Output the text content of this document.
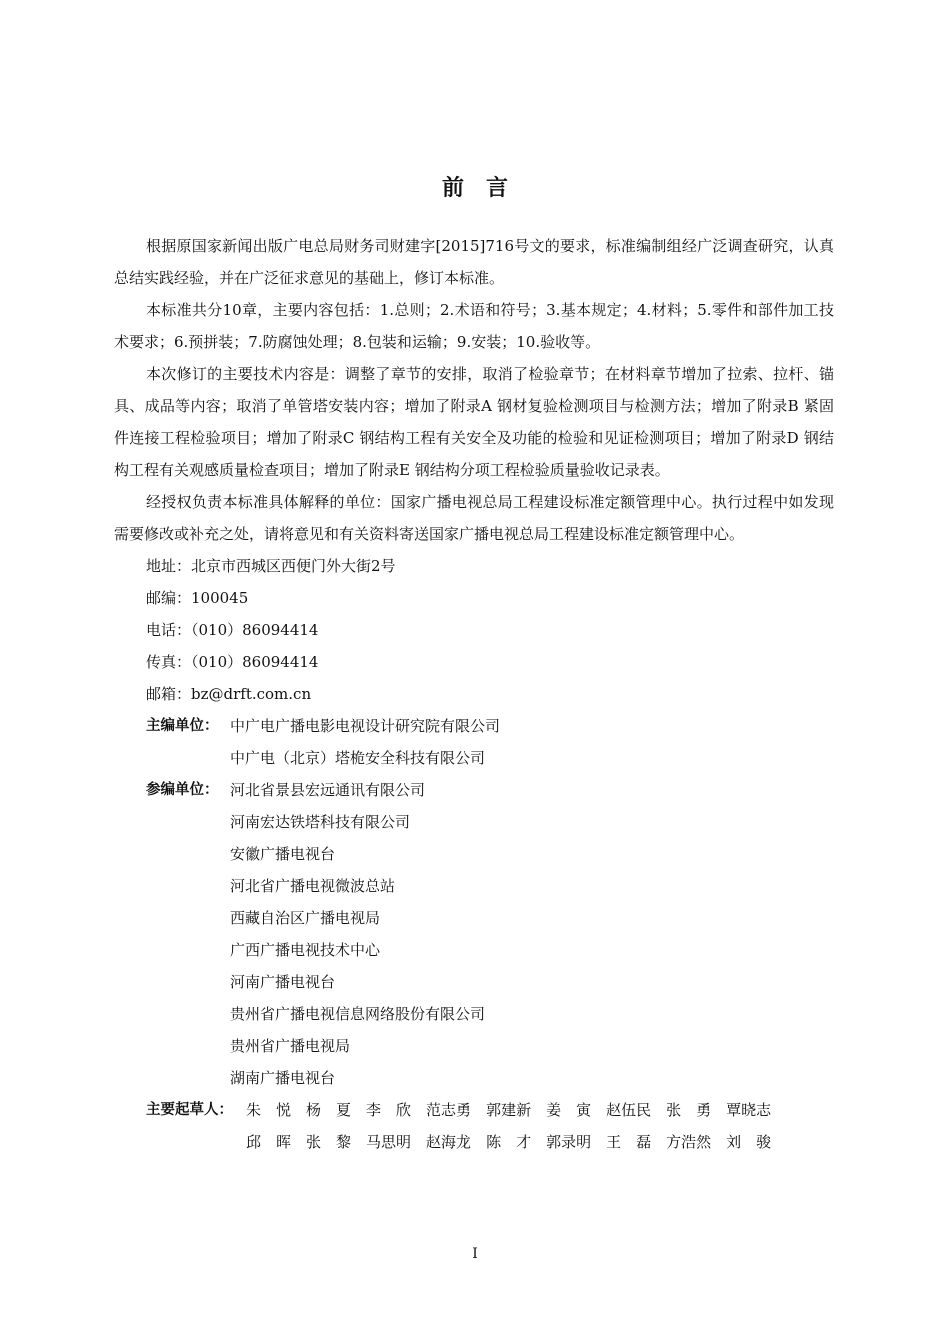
前　言

根据原国家新闻出版广电总局财务司财建字[2015]716号文的要求，标准编制组经广泛调查研究，认真总结实践经验，并在广泛征求意见的基础上，修订本标准。

本标准共分10章，主要内容包括：1.总则；2.术语和符号；3.基本规定；4.材料；5.零件和部件加工技术要求；6.预拼装；7.防腐蚀处理；8.包装和运输；9.安装；10.验收等。

本次修订的主要技术内容是：调整了章节的安排，取消了检验章节；在材料章节增加了拉索、拉杆、锚具、成品等内容；取消了单管塔安装内容；增加了附录A 钢材复验检测项目与检测方法；增加了附录B 紧固件连接工程检验项目；增加了附录C 钢结构工程有关安全及功能的检验和见证检测项目；增加了附录D 钢结构工程有关观感质量检查项目；增加了附录E 钢结构分项工程检验质量验收记录表。

经授权负责本标准具体解释的单位：国家广播电视总局工程建设标准定额管理中心。执行过程中如发现需要修改或补充之处，请将意见和有关资料寄送国家广播电视总局工程建设标准定额管理中心。

地址：北京市西城区西便门外大街2号
邮编：100045
电话：（010）86094414
传真：（010）86094414
邮箱：bz@drft.com.cn
主编单位： 中广电广播电影电视设计研究院有限公司
中广电（北京）塔桅安全科技有限公司
参编单位： 河北省景县宏远通讯有限公司
河南宏达铁塔科技有限公司
安徽广播电视台
河北省广播电视微波总站
西藏自治区广播电视局
广西广播电视技术中心
河南广播电视台
贵州省广播电视信息网络股份有限公司
贵州省广播电视局
湖南广播电视台
主要起草人： 朱　悦	杨　夏	李　欣	范志勇	郭建新	姜　寅	赵伍民	张　勇	覃晓志
邱　晖	张　黎	马思明	赵海龙	陈　才	郭录明	王　磊	方浩然	刘　骏
I
